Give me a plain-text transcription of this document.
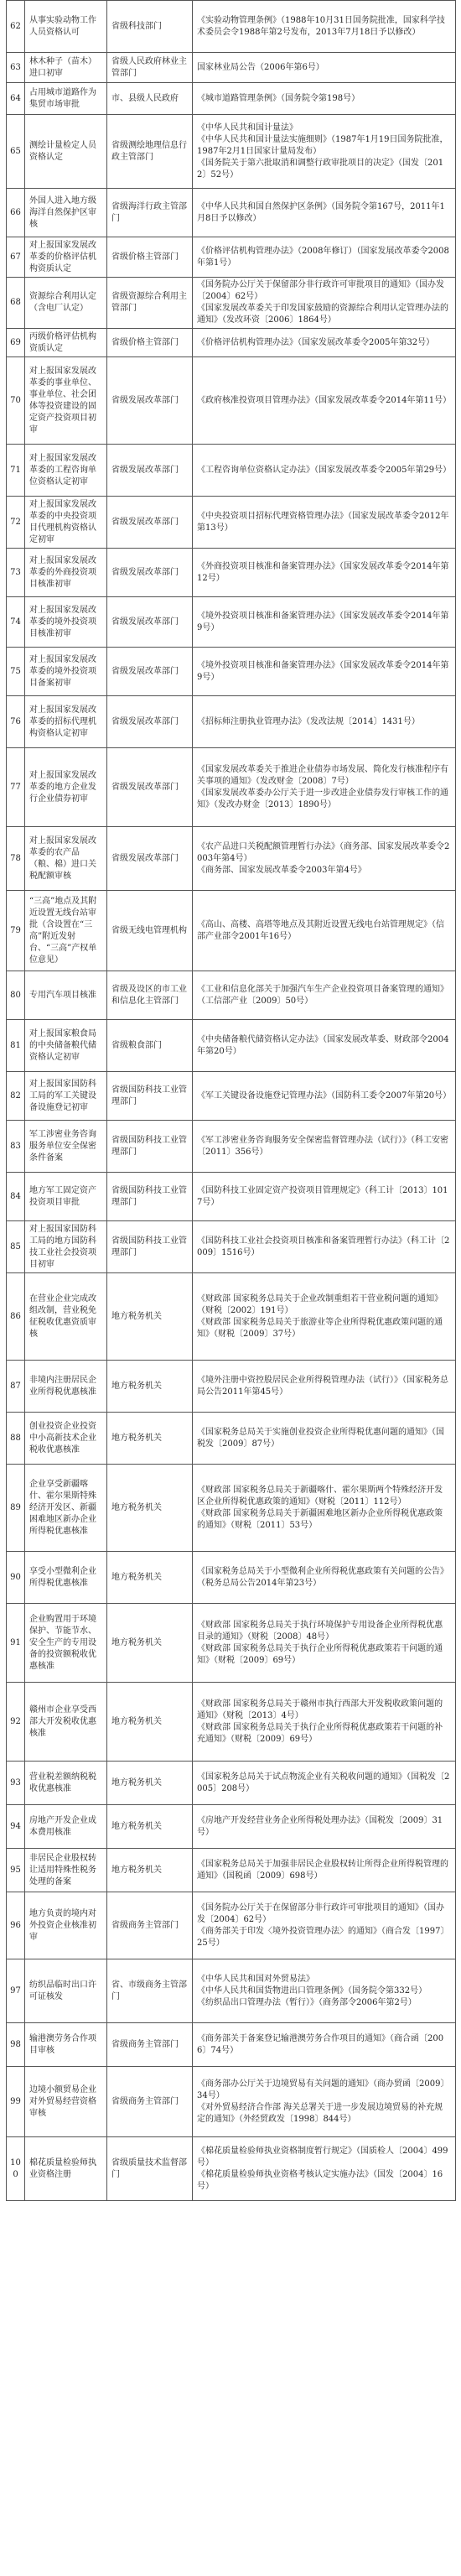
62	从事实验动物工作人员资格认可	省级科技部门	《实验动物管理条例》（1988年10月31日国务院批准，国家科学技术委员会令1988年第2号发布，2013年7月18日予以修改）
63	林木种子（苗木）进口初审	省级人民政府林业主管部门	国家林业局公告（2006年第6号）
64	占用城市道路作为集贸市场审批	市、县级人民政府	《城市道路管理条例》（国务院令第198号）
65	测绘计量检定人员资格认定	省级测绘地理信息行政主管部门	《中华人民共和国计量法》
《中华人民共和国计量法实施细则》（1987年1月19日国务院批准，1987年2月1日国家计量局发布）
《国务院关于第六批取消和调整行政审批项目的决定》（国发〔2012〕52号）
66	外国人进入地方级海洋自然保护区审核	省级海洋行政主管部门	《中华人民共和国自然保护区条例》（国务院令第167号，2011年1月8日予以修改）
67	对上报国家发展改革委的价格评估机构资质认定	省级价格主管部门	《价格评估机构管理办法》（2008年修订）（国家发展改革委令2008年第1号）
68	资源综合利用认定（含电厂认定）	省级资源综合利用主管部门	《国务院办公厅关于保留部分非行政许可审批项目的通知》（国办发〔2004〕62号）
《国家发展改革委关于印发国家鼓励的资源综合利用认定管理办法的通知》（发改环资〔2006〕1864号）
69	丙级价格评估机构资质认定	省级价格主管部门	《价格评估机构管理办法》（国家发展改革委令2005年第32号）
70	对上报国家发展改革委的事业单位、事业单位、社会团体等投资建设的固定资产投资项目初审	省级发展改革部门	《政府核准投资项目管理办法》（国家发展改革委令2014年第11号）
71	对上报国家发展改革委的工程咨询单位资格认定初审	省级发展改革部门	《工程咨询单位资格认定办法》（国家发展改革委令2005年第29号）
72	对上报国家发展改革委的中央投资项目代理机构资格认定初审	省级发展改革部门	《中央投资项目招标代理资格管理办法》（国家发展改革委令2012年第13号）
73	对上报国家发展改革委的外商投资项目核准初审	省级发展改革部门	《外商投资项目核准和备案管理办法》（国家发展改革委令2014年第12号）
74	对上报国家发展改革委的境外投资项目核准初审	省级发展改革部门	《境外投资项目核准和备案管理办法》（国家发展改革委令2014年第9号）
75	对上报国家发展改革委的境外投资项目备案初审	省级发展改革部门	《境外投资项目核准和备案管理办法》（国家发展改革委令2014年第9号）
76	对上报国家发展改革委的招标代理机构资格认定初审	省级发展改革部门	《招标师注册执业管理办法》（发改法规〔2014〕1431号）
77	对上报国家发展改革委的地方企业发行企业债券初审	省级发展改革部门	《国家发展改革委关于推进企业债券市场发展、简化发行核准程序有关事项的通知》（发改财金〔2008〕7号）
《国家发展改革委办公厅关于进一步改进企业债券发行审核工作的通知》（发改办财金〔2013〕1890号）
78	对上报国家发展改革委的农产品（粮、棉）进口关税配额审核	省级发展改革部门	《农产品进口关税配额管理暂行办法》（商务部、国家发展改革委令2003年第4号）
《商务部、国家发展改革委令2003年第4号》
79	“三高”地点及其附近设置无线台站审批（含设置在“三高”附近发射台、“三高”产权单位意见）	省级无线电管理机构	《高山、高楼、高塔等地点及其附近设置无线电台站管理规定》（信部产业部令2001年16号）
80	专用汽车项目核准	省级及设区的市工业和信息化主管部门	《工业和信息化部关于加强汽车生产企业投资项目备案管理的通知》（工信部产业〔2009〕50号）
81	对上报国家粮食局的中央储备粮代储资格认定初审	省级粮食部门	《中央储备粮代储资格认定办法》（国家发展改革委、财政部令2004年第20号）
82	对上报国家国防科工局的军工关键设备设施登记初审	省级国防科技工业管理部门	《军工关键设备设施登记管理办法》（国防科工委令2007年第20号）
83	军工涉密业务咨询服务单位安全保密条件备案	省级国防科技工业管理部门	《军工涉密业务咨询服务安全保密监督管理办法（试行）》（科工安密〔2011〕356号）
84	地方军工固定资产投资项目审批	省级国防科技工业管理部门	《国防科技工业固定资产投资项目管理规定》（科工计〔2013〕1017号）
85	对上报国家国防科工局的地方国防科技工业社会投资项目初审	省级国防科技工业管理部门	《国防科技工业社会投资项目核准和备案管理暂行办法》（科工计〔2009〕1516号）
86	在营业企业完成改组改制，营业税免征税收优惠资质审核	地方税务机关	《财政部 国家税务总局关于企业改制重组若干营业税问题的通知》（财税〔2002〕191号）
《财政部 国家税务总局关于旅游业等企业所得税优惠政策问题的通知》（财税〔2009〕37号）
87	非境内注册居民企业所得税优惠核准	地方税务机关	《境外注册中资控股居民企业所得税管理办法（试行）》（国家税务总局公告2011年第45号）
88	创业投资企业投资中小高新技术企业税收优惠核准	地方税务机关	《国家税务总局关于实施创业投资企业所得税优惠问题的通知》（国税发〔2009〕87号）
89	企业享受新疆喀什、霍尔果斯特殊经济开发区、新疆困难地区新办企业所得税优惠核准	地方税务机关	《财政部 国家税务总局关于新疆喀什、霍尔果斯两个特殊经济开发区企业所得税优惠政策的通知》（财税〔2011〕112号）
《财政部 国家税务总局关于新疆困难地区新办企业所得税优惠政策的通知》（财税〔2011〕53号）
90	享受小型微利企业所得税优惠核准	地方税务机关	《国家税务总局关于小型微利企业所得税优惠政策有关问题的公告》（税务总局公告2014年第23号）
91	企业购置用于环境保护、节能节水、安全生产的专用设备的投资额税收优惠核准	地方税务机关	《财政部 国家税务总局关于执行环境保护专用设备企业所得税优惠目录的通知》（财税〔2008〕48号）
《财政部 国家税务总局关于执行企业所得税优惠政策若干问题的通知》（财税〔2009〕69号）
92	赣州市企业享受西部大开发税收优惠核准	地方税务机关	《财政部 国家税务总局关于赣州市执行西部大开发税收政策问题的通知》（财税〔2013〕4号）
《财政部 国家税务总局关于执行企业所得税优惠政策若干问题的补充通知》（财税〔2009〕69号）
93	营业税差额纳税税收优惠核准	地方税务机关	《国家税务总局关于试点物流企业有关税收问题的通知》（国税发〔2005〕208号）
94	房地产开发企业成本费用核准	地方税务机关	《房地产开发经营业务企业所得税处理办法》（国税发〔2009〕31号）
95	非居民企业股权转让适用特殊性税务处理的备案	地方税务机关	《国家税务总局关于加强非居民企业股权转让所得企业所得税管理的通知》（国税函〔2009〕698号）
96	地方负责的境内对外投资企业核准初审	省级商务主管部门	《国务院办公厅关于在保留部分非行政许可审批项目的通知》（国办发〔2004〕62号）
《商务部关于印发〈境外投资管理办法〉的通知》（商合发〔1997〕25号）
97	纺织品临时出口许可证核发	省、市级商务主管部门	《中华人民共和国对外贸易法》
《中华人民共和国货物进出口管理条例》（国务院令第332号）
《纺织品出口管理办法（暂行）》（商务部令2006年第2号）
98	输港澳劳务合作项目审核	省级商务主管部门	《商务部关于备案登记输港澳劳务合作项目的通知》（商合函〔2006〕74号）
99	边境小额贸易企业对外贸易经营资格审核	省级商务主管部门	《商务部办公厅关于边境贸易有关问题的通知》（商办贸函〔2009〕34号）
《对外贸易经济合作部 海关总署关于进一步发展边境贸易的补充规定的通知》（外经贸政发〔1998〕844号）
100	棉花质量检验师执业资格注册	省级质量技术监督部门	《棉花质量检验师执业资格制度暂行规定》（国质检人〔2004〕499号）
《棉花质量检验师执业资格考核认定实施办法》（国发〔2004〕16号）
